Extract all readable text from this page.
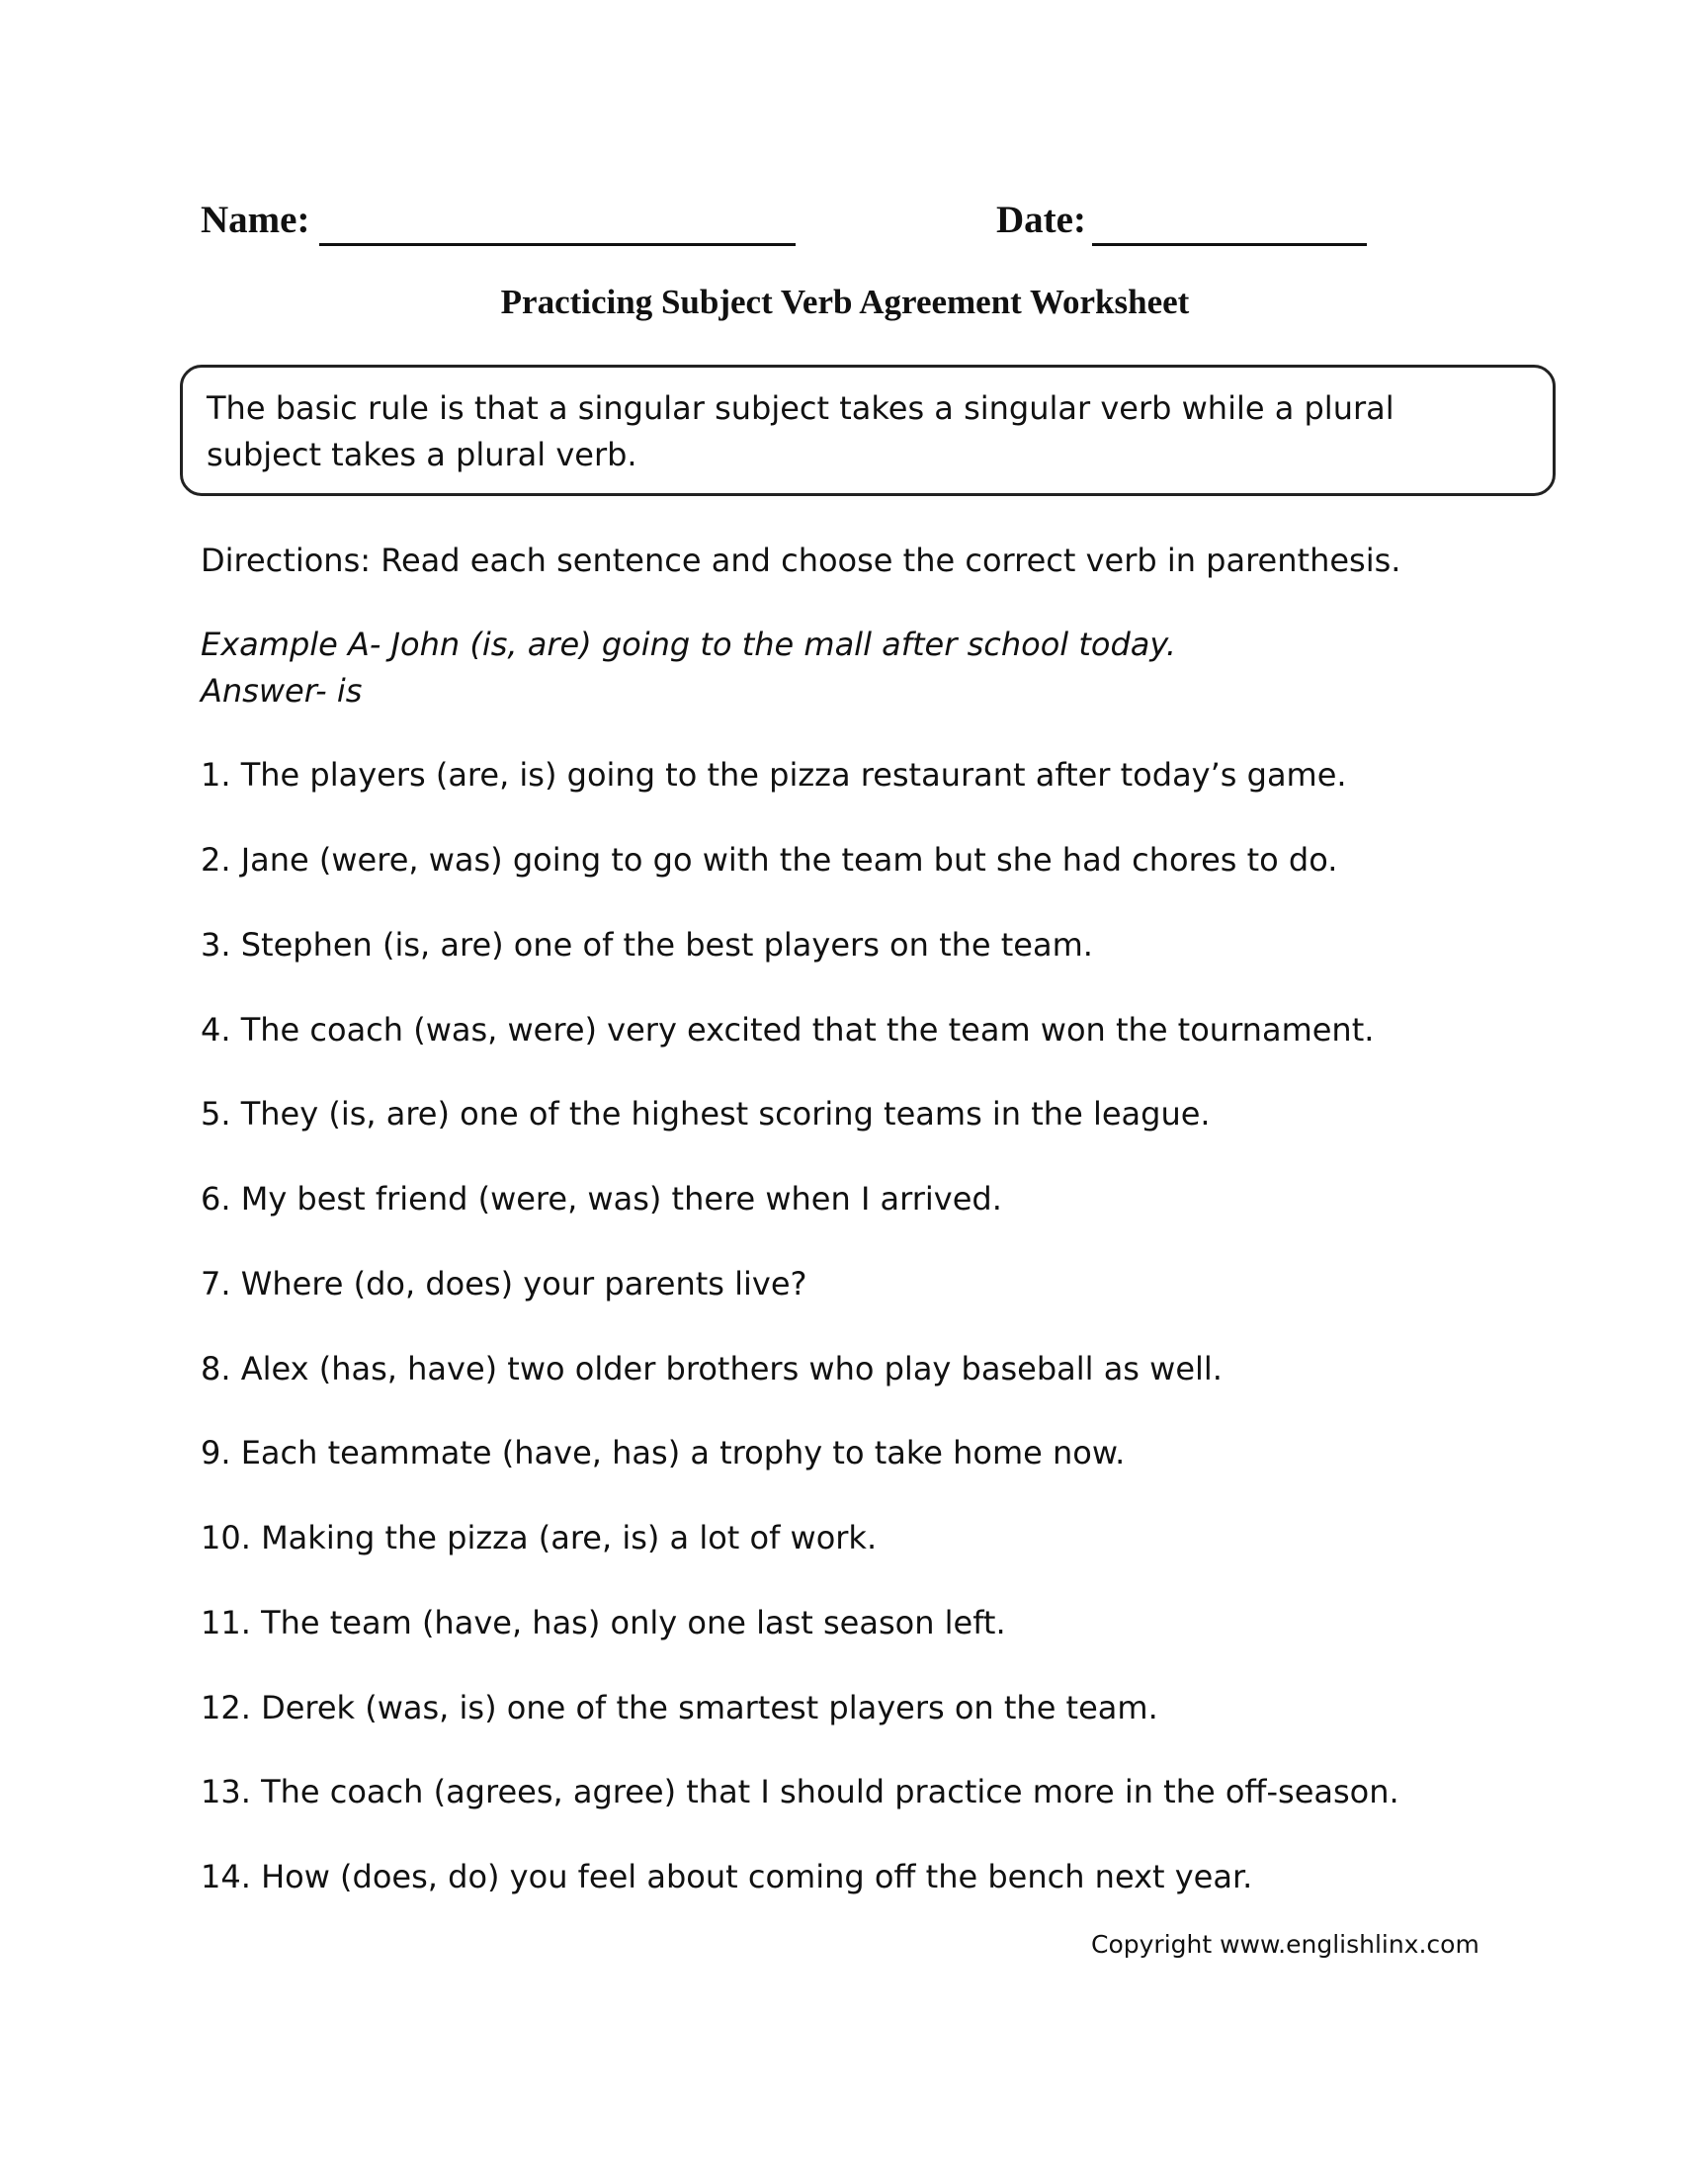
Name:	Date:
Practicing Subject Verb Agreement Worksheet
The basic rule is that a singular subject takes a singular verb while a plural subject takes a plural verb.
Directions: Read each sentence and choose the correct verb in parenthesis.
Example A- John (is, are) going to the mall after school today.
Answer- is
1. The players (are, is) going to the pizza restaurant after today’s game.
2. Jane (were, was) going to go with the team but she had chores to do.
3. Stephen (is, are) one of the best players on the team.
4. The coach (was, were) very excited that the team won the tournament.
5. They (is, are) one of the highest scoring teams in the league.
6. My best friend (were, was) there when I arrived.
7. Where (do, does) your parents live?
8. Alex (has, have) two older brothers who play baseball as well.
9. Each teammate (have, has) a trophy to take home now.
10. Making the pizza (are, is) a lot of work.
11. The team (have, has) only one last season left.
12. Derek (was, is) one of the smartest players on the team.
13. The coach (agrees, agree) that I should practice more in the off-season.
14. How (does, do) you feel about coming off the bench next year.
Copyright www.englishlinx.com
